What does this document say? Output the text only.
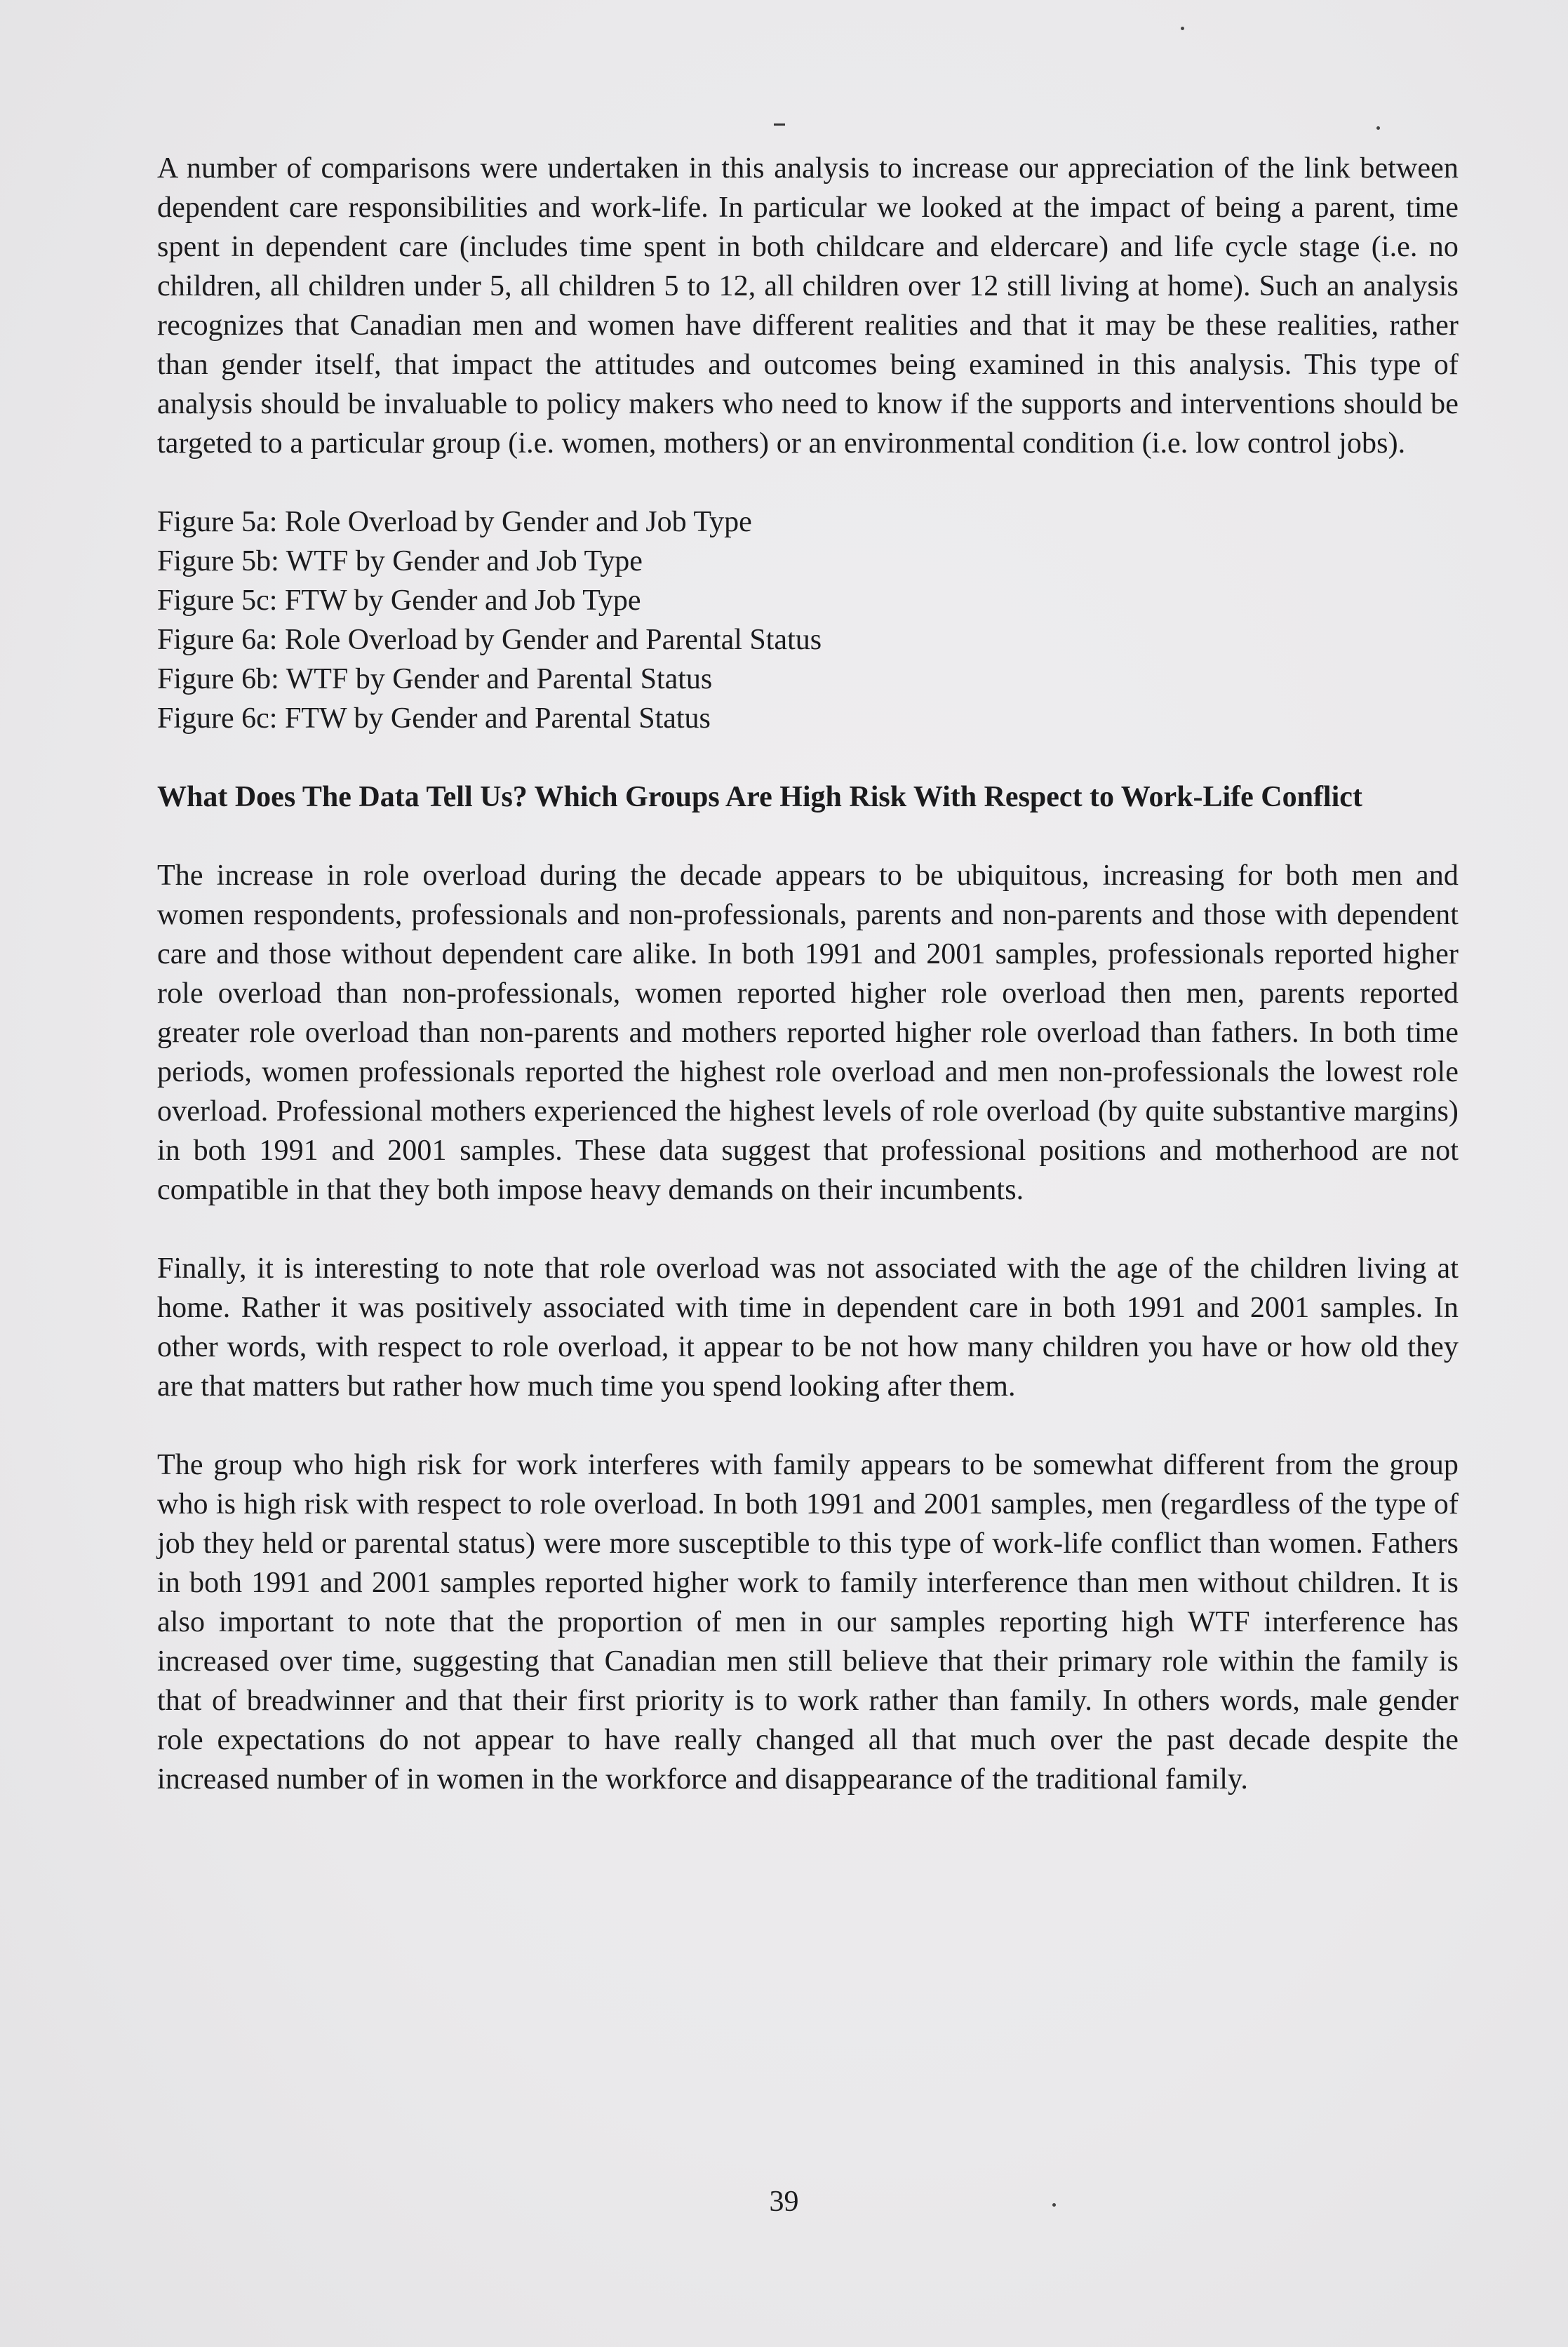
A number of comparisons were undertaken in this analysis to increase our appreciation of the link between dependent care responsibilities and work-life. In particular we looked at the impact of being a parent, time spent in dependent care (includes time spent in both childcare and eldercare) and life cycle stage (i.e. no children, all children under 5, all children 5 to 12, all children over 12 still living at home). Such an analysis recognizes that Canadian men and women have different realities and that it may be these realities, rather than gender itself, that impact the attitudes and outcomes being examined in this analysis. This type of analysis should be invaluable to policy makers who need to know if the supports and interventions should be targeted to a particular group (i.e. women, mothers) or an environmental condition (i.e. low control jobs).

Figure 5a: Role Overload by Gender and Job Type
Figure 5b: WTF by Gender and Job Type
Figure 5c: FTW by Gender and Job Type
Figure 6a: Role Overload by Gender and Parental Status
Figure 6b: WTF by Gender and Parental Status
Figure 6c: FTW by Gender and Parental Status
What Does The Data Tell Us? Which Groups Are High Risk With Respect to Work-Life Conflict

The increase in role overload during the decade appears to be ubiquitous, increasing for both men and women respondents, professionals and non-professionals, parents and non-parents and those with dependent care and those without dependent care alike. In both 1991 and 2001 samples, professionals reported higher role overload than non-professionals, women reported higher role overload then men, parents reported greater role overload than non-parents and mothers reported higher role overload than fathers. In both time periods, women professionals reported the highest role overload and men non-professionals the lowest role overload. Professional mothers experienced the highest levels of role overload (by quite substantive margins) in both 1991 and 2001 samples. These data suggest that professional positions and motherhood are not compatible in that they both impose heavy demands on their incumbents.

Finally, it is interesting to note that role overload was not associated with the age of the children living at home. Rather it was positively associated with time in dependent care in both 1991 and 2001 samples. In other words, with respect to role overload, it appear to be not how many children you have or how old they are that matters but rather how much time you spend looking after them.

The group who high risk for work interferes with family appears to be somewhat different from the group who is high risk with respect to role overload. In both 1991 and 2001 samples, men (regardless of the type of job they held or parental status) were more susceptible to this type of work-life conflict than women. Fathers in both 1991 and 2001 samples reported higher work to family interference than men without children. It is also important to note that the proportion of men in our samples reporting high WTF interference has increased over time, suggesting that Canadian men still believe that their primary role within the family is that of breadwinner and that their first priority is to work rather than family. In others words, male gender role expectations do not appear to have really changed all that much over the past decade despite the increased number of in women in the workforce and disappearance of the traditional family.

39
